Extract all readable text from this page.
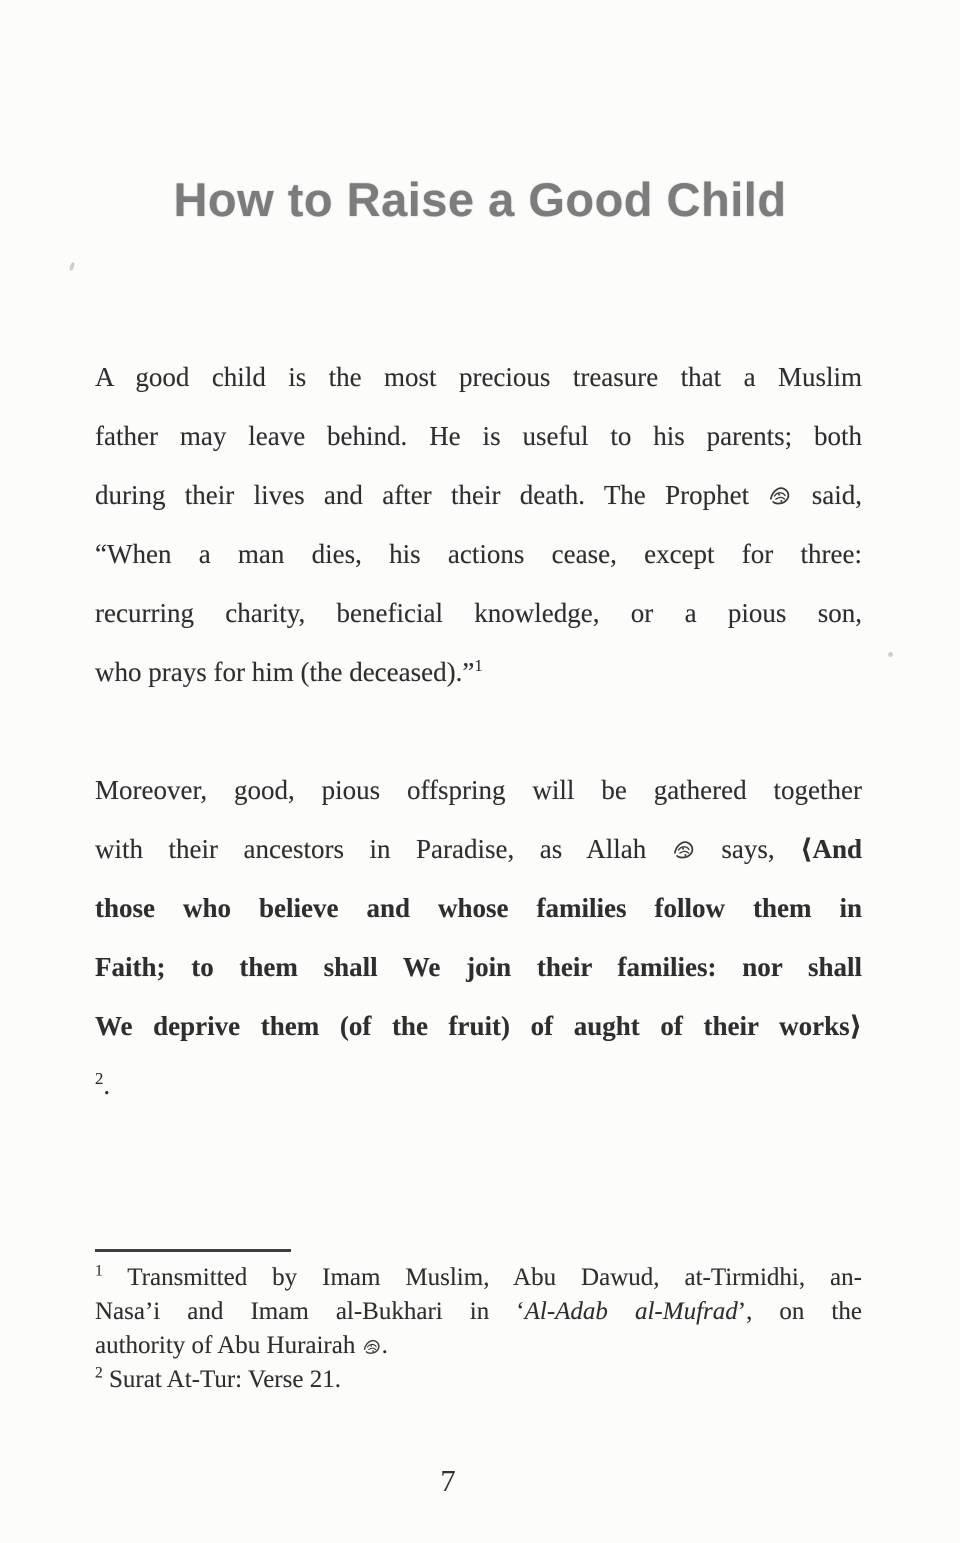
How to Raise a Good Child
A good child is the most precious treasure that a Muslim
father may leave behind. He is useful to his parents; both
during their lives and after their death. The Prophet said,
“When a man dies, his actions cease, except for three:
recurring charity, beneficial knowledge, or a pious son,
who prays for him (the deceased).”$^1$
Moreover, good, pious offspring will be gathered together
with their ancestors in Paradise, as Allah	says, ⟨And
those who believe and whose families follow them in
Faith; to them shall We join their families: nor shall
We deprive them (of the fruit) of aught of their works⟩
$^2$.
$^1$ Transmitted by Imam Muslim, Abu Dawud, at-Tirmidhi, an-
Nasa’i and Imam al-Bukhari in ‘Al-Adab al-Mufrad’, on the
authority of Abu Hurairah .
$^2$ Surat At-Tur: Verse 21.
7
